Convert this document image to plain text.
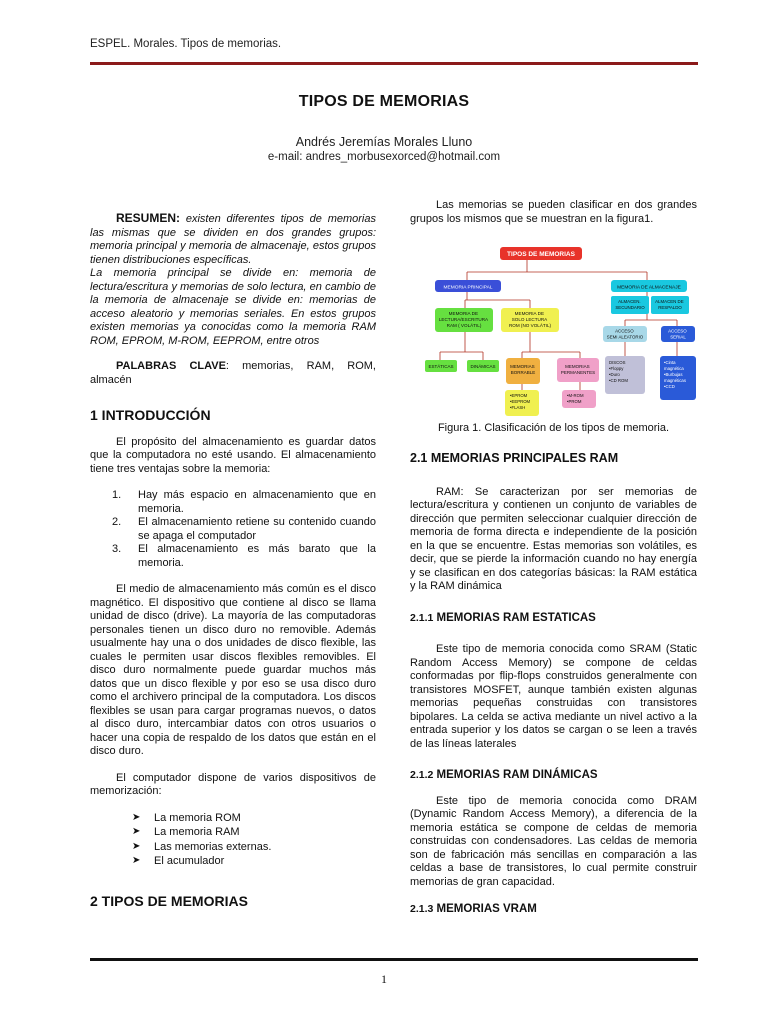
ESPEL. Morales. Tipos de memorias.
TIPOS DE MEMORIAS
Andrés Jeremías Morales Lluno
e-mail: andres_morbusexorced@hotmail.com

RESUMEN: existen diferentes tipos de memorias las mismas que se dividen en dos grandes grupos: memoria principal y memoria de almacenaje, estos grupos tienen distribuciones específicas.

La memoria principal se divide en: memoria de lectura/escritura y memorias de solo lectura, en cambio de la memoria de almacenaje se divide en: memorias de acceso aleatorio y memorias seriales. En estos grupos existen memorias ya conocidas como la memoria RAM ROM, EPROM, M-ROM, EEPROM, entre otros

PALABRAS CLAVE: memorias, RAM, ROM, almacén

1 INTRODUCCIÓN

El propósito del almacenamiento es guardar datos que la computadora no esté usando. El almacenamiento tiene tres ventajas sobre la memoria:

1. Hay más espacio en almacenamiento que en memoria.
2. El almacenamiento retiene su contenido cuando se apaga el computador
3. El almacenamiento es más barato que la memoria.

El medio de almacenamiento más común es el disco magnético. El dispositivo que contiene al disco se llama unidad de disco (drive). La mayoría de las computadoras personales tienen un disco duro no removible. Además usualmente hay una o dos unidades de disco flexible, las cuales le permiten usar discos flexibles removibles. El disco duro normalmente puede guardar muchos más datos que un disco flexible y por eso se usa disco duro como el archivero principal de la computadora. Los discos flexibles se usan para cargar programas nuevos, o datos al disco duro, intercambiar datos con otros usuarios o hacer una copia de respaldo de los datos que están en el disco duro.

El computador dispone de varios dispositivos de memorización:

➤ La memoria ROM
➤ La memoria RAM
➤ Las memorias externas.
➤ El acumulador
2 TIPOS DE MEMORIAS

Las memorias se pueden clasificar en dos grandes grupos los mismos que se muestran en la figura1.

TIPOS DE MEMORIAS
MEMORIA PRINCIPAL	MEMORIA DE ALMACENAJE
MEMORIA DE LECTURA/ESCRITURA RAM ( VOLÁTIL)
MEMORIA DE SOLO LECTURA ROM (NO VOLÁTIL)
ALMACEN. SECUNDARIO
ALMACEN DE RESPALDO
ESTÁTICAS	DINÁMICAS	MEMORIAS BORRABLE
MEMORIAS PERMANENTES
•EPROM •EEPROM •FLASH
•M-ROM •PROM
ACCESO SEMI ALEATORIO
ACCESO SERIAL
DISCOS •Floppy •Duro •CD ROM
•Cinta magnética •Burbujas magnéticas •CCD
Figura 1. Clasificación de los tipos de memoria.
2.1 MEMORIAS PRINCIPALES RAM

RAM: Se caracterizan por ser memorias de lectura/escritura y contienen un conjunto de variables de dirección que permiten seleccionar cualquier dirección de memoria de forma directa e independiente de la posición en la que se encuentre. Estas memorias son volátiles, es decir, que se pierde la información cuando no hay energía y se clasifican en dos categorías básicas: la RAM estática y la RAM dinámica

2.1.1 MEMORIAS RAM ESTATICAS

Este tipo de memoria conocida como SRAM (Static Random Access Memory) se compone de celdas conformadas por flip-flops construidos generalmente con transistores MOSFET, aunque también existen algunas memorias pequeñas construidas con transistores bipolares. La celda se activa mediante un nivel activo a la entrada superior y los datos se cargan o se leen a través de las líneas laterales

2.1.2 MEMORIAS RAM DINÁMICAS

Este tipo de memoria conocida como DRAM (Dynamic Random Access Memory), a diferencia de la memoria estática se compone de celdas de memoria construidas con condensadores. Las celdas de memoria son de fabricación más sencillas en comparación a las celdas a base de transistores, lo cual permite construir memorias de gran capacidad.

2.1.3 MEMORIAS VRAM
1
